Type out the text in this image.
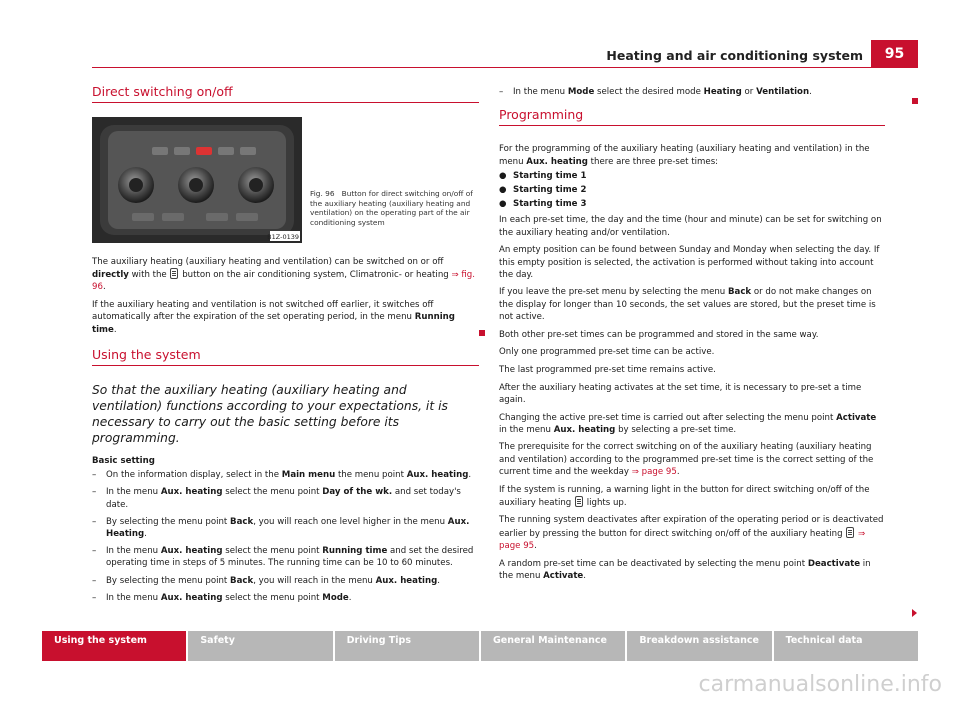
Heating and air conditioning system	95
Direct switching on/off
B1Z-0139
Fig. 96 Button for direct switching on/off of the auxiliary heating (auxiliary heating and ventilation) on the operating part of the air conditioning system

The auxiliary heating (auxiliary heating and ventilation) can be switched on or off directly with the button on the air conditioning system, Climatronic- or heating ⇒ fig. 96.

If the auxiliary heating and ventilation is not switched off earlier, it switches off automatically after the expiration of the set operating period, in the menu Running time.

Using the system
So that the auxiliary heating (auxiliary heating and ventilation) functions according to your expectations, it is necessary to carry out the basic setting before its programming.
Basic setting
–	On the information display, select in the Main menu the menu point Aux. heating.
–	In the menu Aux. heating select the menu point Day of the wk. and set today's date.
–	By selecting the menu point Back, you will reach one level higher in the menu Aux. Heating.
–	In the menu Aux. heating select the menu point Running time and set the desired operating time in steps of 5 minutes. The running time can be 10 to 60 minutes.
–	By selecting the menu point Back, you will reach in the menu Aux. heating.
–	In the menu Aux. heating select the menu point Mode.
–	In the menu Mode select the desired mode Heating or Ventilation.
Programming

For the programming of the auxiliary heating (auxiliary heating and ventilation) in the menu Aux. heating there are three pre-set times:

● Starting time 1
● Starting time 2
● Starting time 3

In each pre-set time, the day and the time (hour and minute) can be set for switching on the auxiliary heating and/or ventilation.

An empty position can be found between Sunday and Monday when selecting the day. If this empty position is selected, the activation is performed without taking into account the day.

If you leave the pre-set menu by selecting the menu Back or do not make changes on the display for longer than 10 seconds, the set values are stored, but the preset time is not active.

Both other pre-set times can be programmed and stored in the same way.

Only one programmed pre-set time can be active.

The last programmed pre-set time remains active.

After the auxiliary heating activates at the set time, it is necessary to pre-set a time again.

Changing the active pre-set time is carried out after selecting the menu point Activate in the menu Aux. heating by selecting a pre-set time.

The prerequisite for the correct switching on of the auxiliary heating (auxiliary heating and ventilation) according to the programmed pre-set time is the correct setting of the current time and the weekday ⇒ page 95.

If the system is running, a warning light in the button for direct switching on/off of the auxiliary heating lights up.

The running system deactivates after expiration of the operating period or is deactivated earlier by pressing the button for direct switching on/off of the auxiliary heating ⇒ page 95.

A random pre-set time can be deactivated by selecting the menu point Deactivate in the menu Activate.

Using the system	Safety	Driving Tips	General Maintenance	Breakdown assistance	Technical data
carmanualsonline.info
